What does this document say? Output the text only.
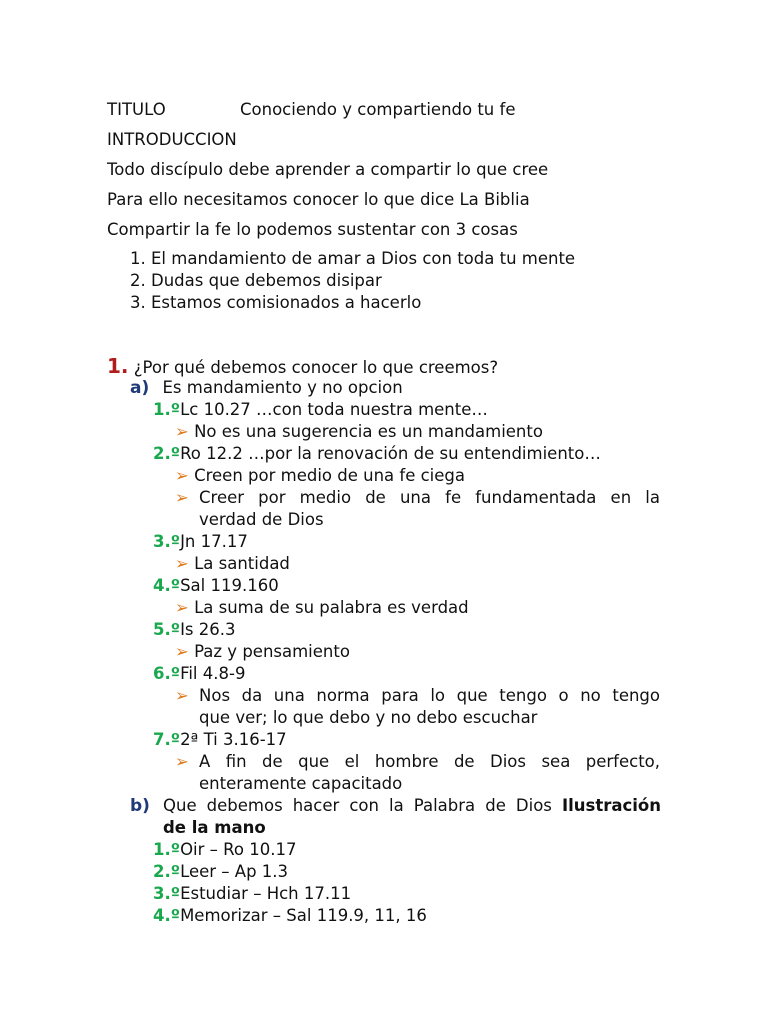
TITULO	Conociendo y compartiendo tu fe
INTRODUCCION
Todo discípulo debe aprender a compartir lo que cree
Para ello necesitamos conocer lo que dice La Biblia
Compartir la fe lo podemos sustentar con 3 cosas
1. El mandamiento de amar a Dios con toda tu mente
2. Dudas que debemos disipar
3. Estamos comisionados a hacerlo
1. ¿Por qué debemos conocer lo que creemos?
a) Es mandamiento y no opcion
1.ºLc 10.27 …con toda nuestra mente…
➢ No es una sugerencia es un mandamiento
2.ºRo 12.2 …por la renovación de su entendimiento…
➢ Creen por medio de una fe ciega
➢ Creer por medio de una fe fundamentada en la
verdad de Dios
3.ºJn 17.17
➢ La santidad
4.ºSal 119.160
➢ La suma de su palabra es verdad
5.ºIs 26.3
➢ Paz y pensamiento
6.ºFil 4.8-9
➢ Nos da una norma para lo que tengo o no tengo
que ver; lo que debo y no debo escuchar
7.º2ª Ti 3.16-17
➢ A fin de que el hombre de Dios sea perfecto,
enteramente capacitado
b) Que debemos hacer con la Palabra de Dios Ilustración
de la mano
1.ºOir – Ro 10.17
2.ºLeer – Ap 1.3
3.ºEstudiar – Hch 17.11
4.ºMemorizar – Sal 119.9, 11, 16
